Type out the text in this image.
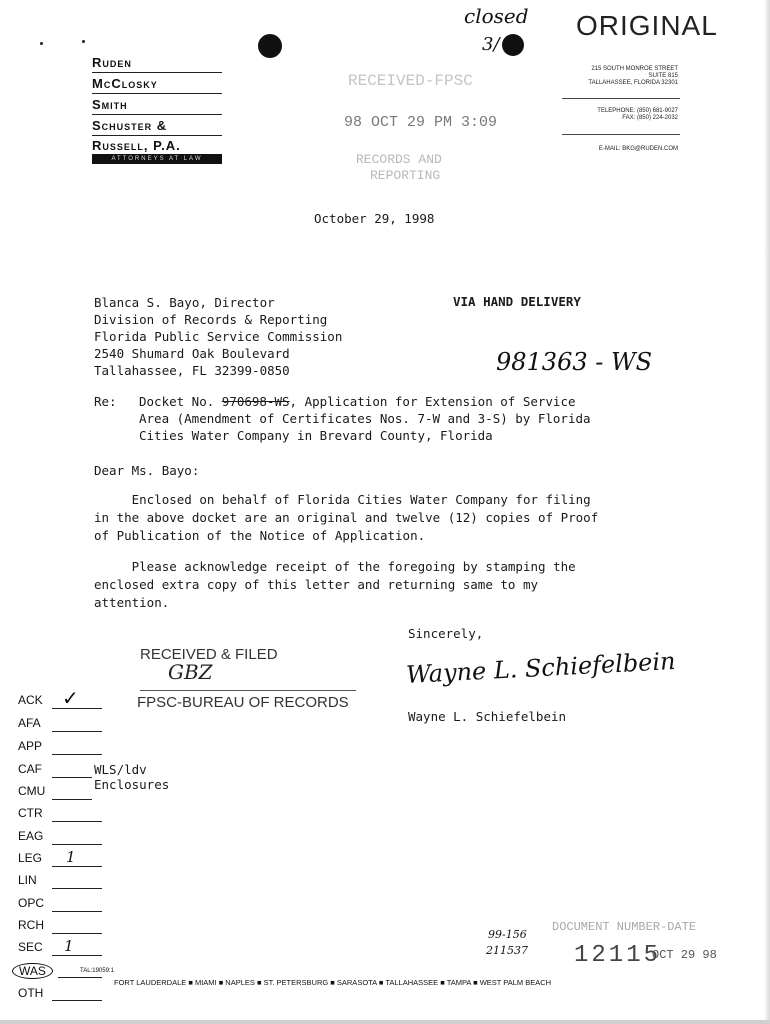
closed
3/
ORIGINAL
Ruden
McClosky
Smith
Schuster &
Russell, P.A.
ATTORNEYS AT LAW
215 SOUTH MONROE STREET
SUITE 815
TALLAHASSEE, FLORIDA 32301
TELEPHONE: (850) 681-9027
FAX: (850) 224-2032
E-MAIL: BKG@RUDEN.COM
RECEIVED-FPSC
98 OCT 29 PM 3:09
RECORDS AND
REPORTING
October 29, 1998
VIA HAND DELIVERY
Blanca S. Bayo, Director
Division of Records & Reporting
Florida Public Service Commission
2540 Shumard Oak Boulevard
Tallahassee, FL 32399-0850	981363 - WS
Re: Docket No. 970698-WS, Application for Extension of Service
Area (Amendment of Certificates Nos. 7-W and 3-S) by Florida
Cities Water Company in Brevard County, Florida
Dear Ms. Bayo:
Enclosed on behalf of Florida Cities Water Company for filing
in the above docket are an original and twelve (12) copies of Proof
of Publication of the Notice of Application.
Please acknowledge receipt of the foregoing by stamping the
enclosed extra copy of this letter and returning same to my
attention.
Sincerely,
Wayne L. Schiefelbein
Wayne L. Schiefelbein
WLS/ldv
Enclosures
RECEIVED & FILED
GBZ
FPSC-BUREAU OF RECORDS
ACK ✓
AFA
APP
CAF
CMU
CTR
EAG
LEG 1
LIN
OPC
RCH
SEC 1
WAS
OTH
99-156
211537
DOCUMENT NUMBER-DATE
12115
OCT 29 98
TAL:19059:1
FORT LAUDERDALE ■ MIAMI ■ NAPLES ■ ST. PETERSBURG ■ SARASOTA ■ TALLAHASSEE ■ TAMPA ■ WEST PALM BEACH
